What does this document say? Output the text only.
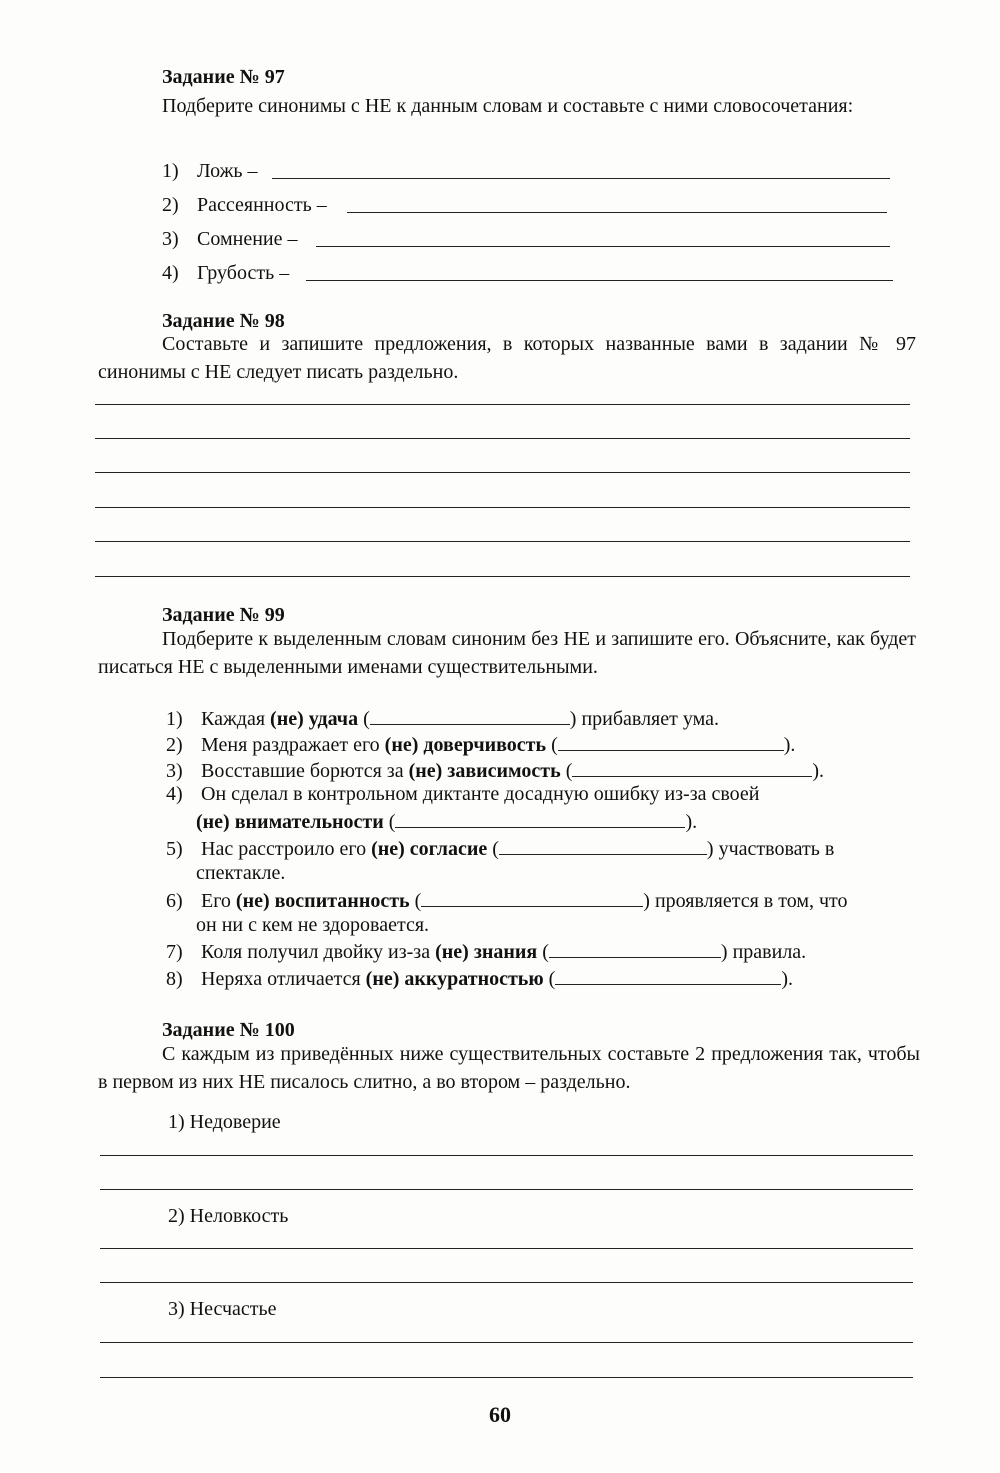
Задание № 97
Подберите синонимы с НЕ к данным словам и составьте с ними словосочетания:
1) Ложь –
2) Рассеянность –
3) Сомнение –
4) Грубость –
Задание № 98
Составьте и запишите предложения, в которых названные вами в задании № 97 синонимы с НЕ следует писать раздельно.
Задание № 99
Подберите к выделенным словам синоним без НЕ и запишите его. Объясните, как будет писаться НЕ с выделенными именами существительными.
1) Каждая (не) удача (	) прибавляет ума.
2) Меня раздражает его (не) доверчивость (	).
3) Восставшие борются за (не) зависимость (	).
4) Он сделал в контрольном диктанте досадную ошибку из-за своей
(не) внимательности (	).
5) Нас расстроило его (не) согласие (	) участвовать в
спектакле.
6) Его (не) воспитанность (	) проявляется в том, что
он ни с кем не здоровается.
7) Коля получил двойку из-за (не) знания (	) правила.
8) Неряха отличается (не) аккуратностью (	).
Задание № 100
С каждым из приведённых ниже существительных составьте 2 предложения так, чтобы в первом из них НЕ писалось слитно, а во втором – раздельно.
1) Недоверие
2) Неловкость
3) Несчастье
60
